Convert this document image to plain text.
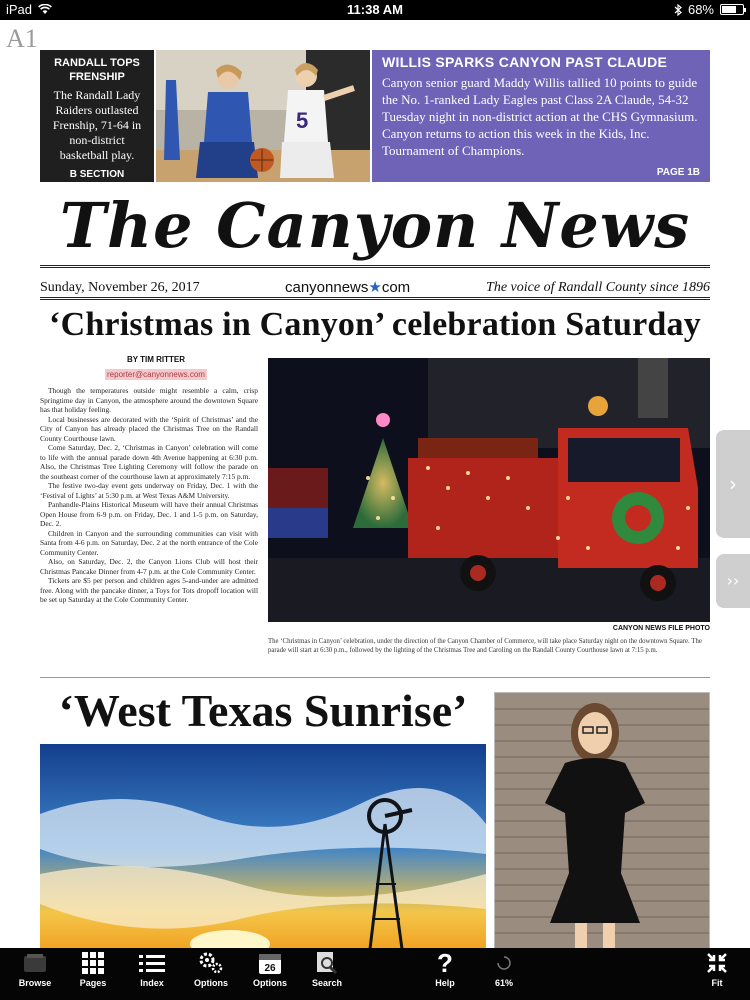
iPad	11:38 AM	68%
A1
RANDALL TOPS FRENSHIP
The Randall Lady Raiders outlasted Frenship, 71-64 in non-district basketball play.
B SECTION
5
WILLIS SPARKS CANYON PAST CLAUDE
Canyon senior guard Maddy Willis tallied 10 points to guide the No. 1-ranked Lady Eagles past Class 2A Claude, 54-32 Tuesday night in non-district action at the CHS Gymnasium. Canyon returns to action this week in the Kids, Inc. Tournament of Champions.
PAGE 1B
The Canyon News
Sunday, November 26, 2017	canyonnews★com	The voice of Randall County since 1896
‘Christmas in Canyon’ celebration Saturday
BY TIM RITTER
reporter@canyonnews.com

Though the temperatures outside might resemble a calm, crisp Springtime day in Canyon, the atmosphere around the downtown Square has that holiday feeling.

Local businesses are decorated with the ‘Spirit of Christmas’ and the City of Canyon has already placed the Christmas Tree on the Randall County Courthouse lawn.

Come Saturday, Dec. 2, ‘Christmas in Canyon’ celebration will come to life with the annual parade down 4th Avenue happening at 6:30 p.m. Also, the Christmas Tree Lighting Ceremony will follow the parade on the southeast corner of the courthouse lawn at approximately 7:15 p.m.

The festive two-day event gets underway on Friday, Dec. 1 with the ‘Festival of Lights’ at 5:30 p.m. at West Texas A&M University.

Panhandle-Plains Historical Museum will have their annual Christmas Open House from 6-9 p.m. on Friday, Dec. 1 and 1-5 p.m. on Saturday, Dec. 2.

Children in Canyon and the surrounding communities can visit with Santa from 4-6 p.m. on Saturday, Dec. 2 at the north entrance of the Cole Community Center.

Also, on Saturday, Dec. 2, the Canyon Lions Club will host their Christmas Pancake Dinner from 4-7 p.m. at the Cole Community Center.

Tickets are $5 per person and children ages 5-and-under are admitted free. Along with the pancake dinner, a Toys for Tots dropoff location will be set up Saturday at the Cole Community Center.

CANYON NEWS FILE PHOTO
The ‘Christmas in Canyon’ celebration, under the direction of the Canyon Chamber of Commerce, will take place Saturday night on the downtown Square. The parade will start at 6:30 p.m., followed by the lighting of the Christmas Tree and Caroling on the Randall County Courthouse lawn at 7:15 p.m.
‘West Texas Sunrise’
›
››
Browse	Pages	Index	Options
26
Options	Search
?
Help	61%	Fit
